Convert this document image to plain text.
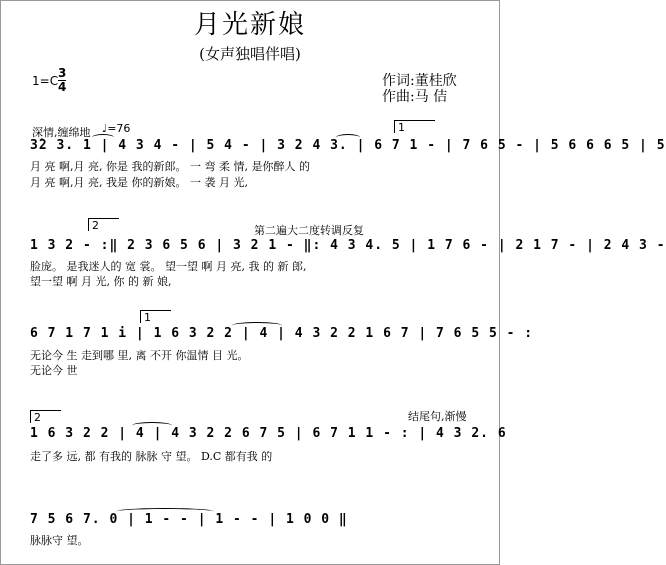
月光新娘
(女声独唱伴唱)
作词:董桂欣
作曲:马 佶
1=C
3
4
深情,缠绵地 ♩=76	1
3̇2 3. 1 | 4 3 4 - | 5 4 - | 3 2 4 3. | 6 7 1 - | 7 6 5 - | 5 6 6 6 5 | 5
月 亮 啊,月 亮, 你是 我的新郎。 一 弯 柔 情, 是你醉人 的
月 亮 啊,月 亮, 我是 你的新娘。 一 袭 月 光,
2	第二遍大二度转调反复
1 3 2 - :‖ 2 3 6 5 6 | 3 2 1 - ‖: 4 3 4. 5 | 1 7 6 - | 2 1 7 - | 2 4 3 -
脸庞。 是我迷人的 宽 裳。 望一望 啊 月 亮, 我 的 新 郎,
望一望 啊 月 光, 你 的 新 娘,
1
6 7 1 7 1 i | 1 6 3 2 2 | 4 | 4 3 2 2 1 6 7 | 7 6 5 5 - :
无论今 生 走到哪 里, 离 不开 你温情 目 光。
无论今 世
2	结尾句,渐慢
1 6 3 2 2 | 4 | 4 3 2 2 6 7 5 | 6 7 1 1 - : | 4 3 2. 6
走了多 远, 都 有我的 脉脉 守 望。 D.C 都有我 的
7 5 6 7. 0 | 1 - - | 1 - - | 1 0 0 ‖
脉脉守 望。
